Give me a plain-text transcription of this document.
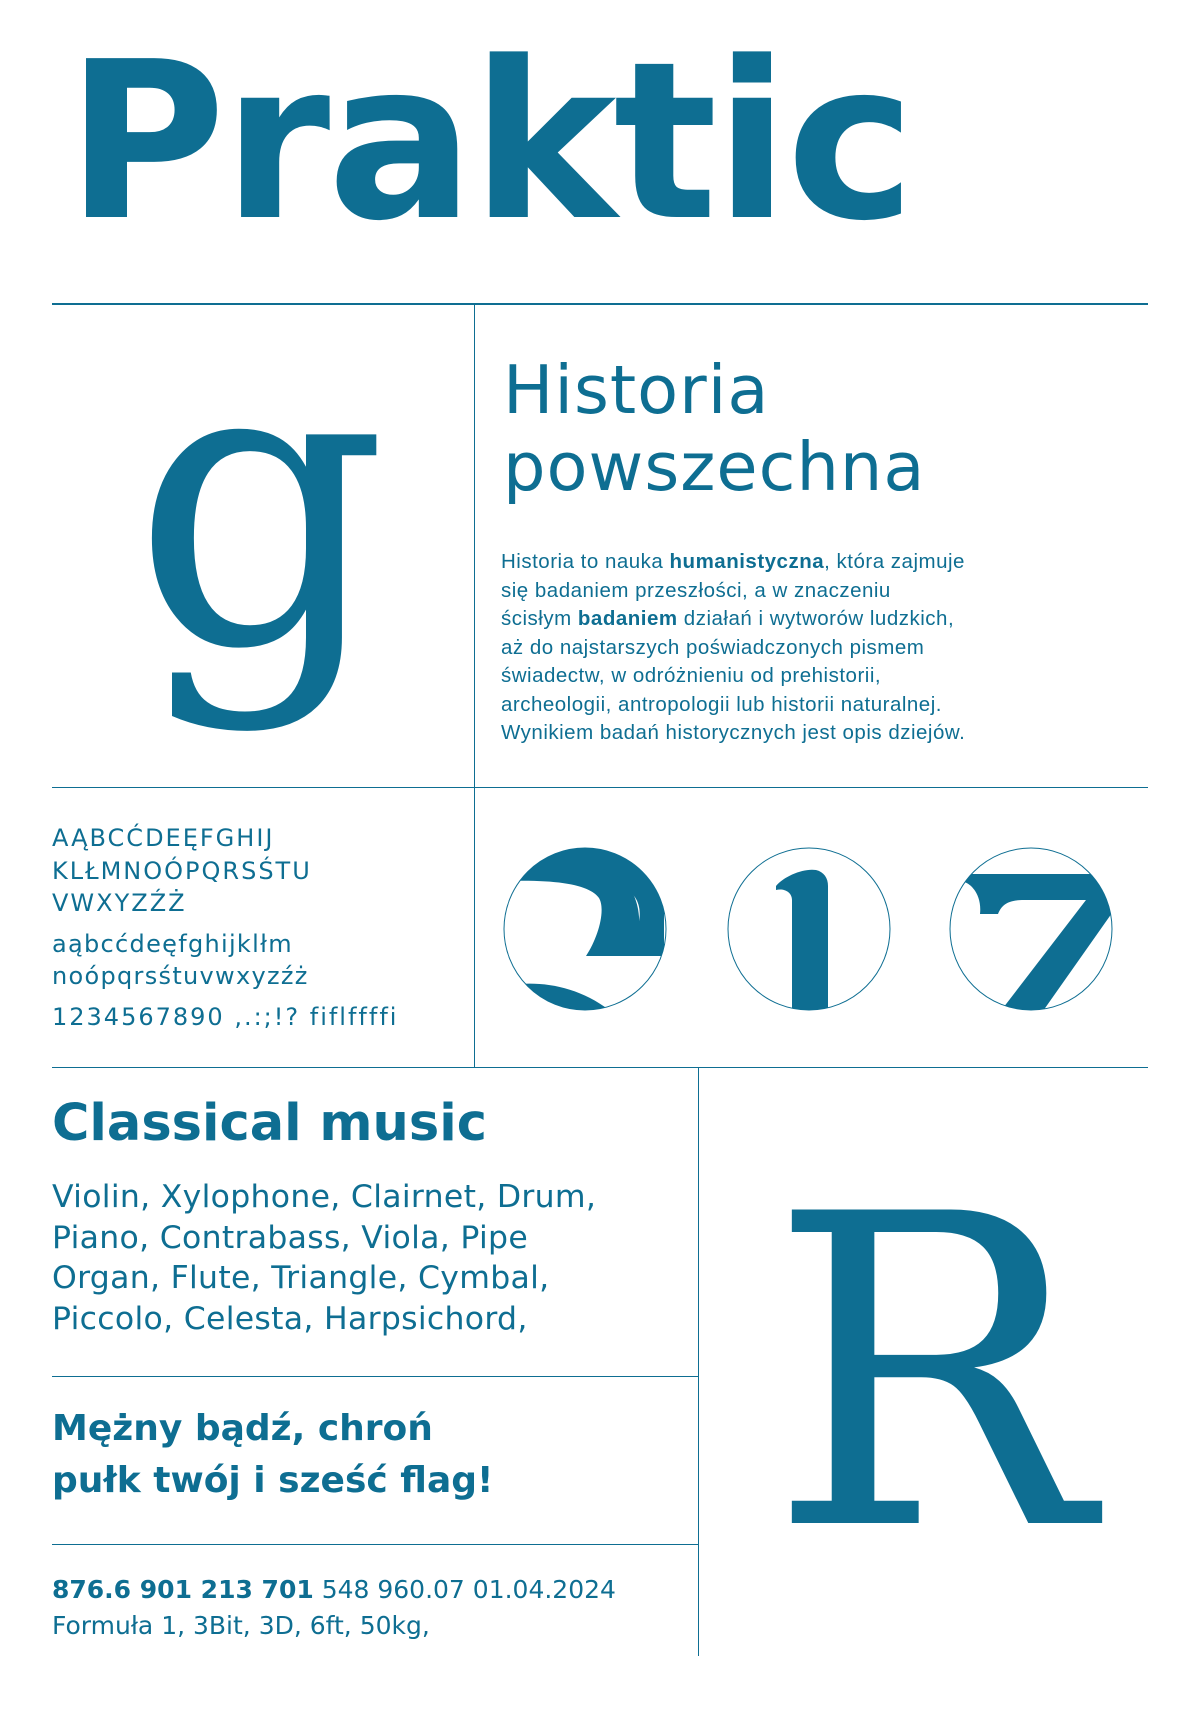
Praktic
g	Historia
powszechna
Historia to nauka humanistyczna, która zajmuje
się badaniem przeszłości, a w znaczeniu
ścisłym badaniem działań i wytworów ludzkich,
aż do najstarszych poświadczonych pismem
świadectw, w odróżnieniu od prehistorii,
archeologii, antropologii lub historii naturalnej.
Wynikiem badań historycznych jest opis dziejów.
AĄBCĆDEĘFGHIJ
KLŁMNOÓPQRSŚTU
VWXYZŹŻ
aąbcćdeęfghijklłm
noópqrsśtuvwxyzźż
1234567890 ,.:;!? fiflffffi
Classical music
Violin, Xylophone, Clairnet, Drum,
Piano, Contrabass, Viola, Pipe
Organ, Flute, Triangle, Cymbal,
Piccolo, Celesta, Harpsichord,
Mężny bądź, chroń
pułk twój i sześć flag! R
876.6 901 213 701 548 960.07 01.04.2024
Formuła 1, 3Bit, 3D, 6ft, 50kg,
